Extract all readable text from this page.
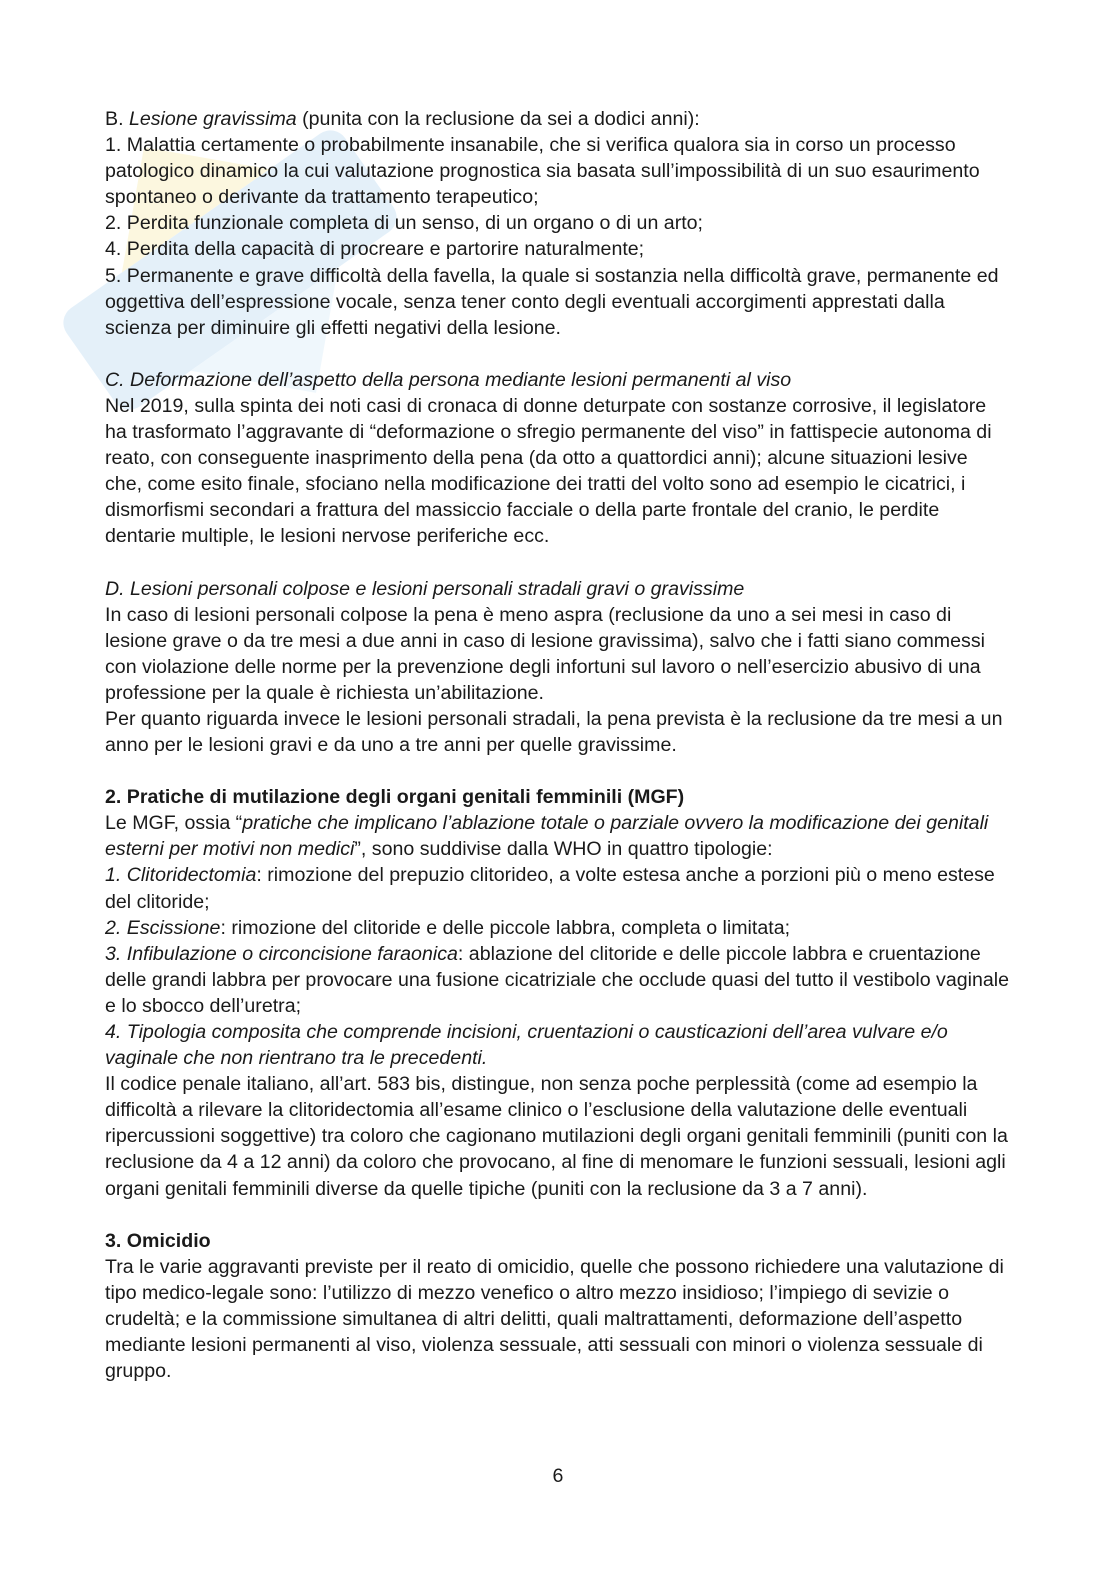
B. Lesione gravissima (punita con la reclusione da sei a dodici anni):

1. Malattia certamente o probabilmente insanabile, che si verifica qualora sia in corso un processo patologico dinamico la cui valutazione prognostica sia basata sull’impossibilità di un suo esaurimento spontaneo o derivante da trattamento terapeutico;

2. Perdita funzionale completa di un senso, di un organo o di un arto;

4. Perdita della capacità di procreare e partorire naturalmente;

5. Permanente e grave difficoltà della favella, la quale si sostanzia nella difficoltà grave, permanente ed oggettiva dell’espressione vocale, senza tener conto degli eventuali accorgimenti apprestati dalla scienza per diminuire gli effetti negativi della lesione.

C. Deformazione dell’aspetto della persona mediante lesioni permanenti al viso

Nel 2019, sulla spinta dei noti casi di cronaca di donne deturpate con sostanze corrosive, il legislatore ha trasformato l’aggravante di “deformazione o sfregio permanente del viso” in fattispecie autonoma di reato, con conseguente inasprimento della pena (da otto a quattordici anni); alcune situazioni lesive che, come esito finale, sfociano nella modificazione dei tratti del volto sono ad esempio le cicatrici, i dismorfismi secondari a frattura del massiccio facciale o della parte frontale del cranio, le perdite dentarie multiple, le lesioni nervose periferiche ecc.

D. Lesioni personali colpose e lesioni personali stradali gravi o gravissime

In caso di lesioni personali colpose la pena è meno aspra (reclusione da uno a sei mesi in caso di lesione grave o da tre mesi a due anni in caso di lesione gravissima), salvo che i fatti siano commessi con violazione delle norme per la prevenzione degli infortuni sul lavoro o nell’esercizio abusivo di una professione per la quale è richiesta un’abilitazione.

Per quanto riguarda invece le lesioni personali stradali, la pena prevista è la reclusione da tre mesi a un anno per le lesioni gravi e da uno a tre anni per quelle gravissime.

2. Pratiche di mutilazione degli organi genitali femminili (MGF)

Le MGF, ossia “pratiche che implicano l’ablazione totale o parziale ovvero la modificazione dei genitali esterni per motivi non medici”, sono suddivise dalla WHO in quattro tipologie:

1. Clitoridectomia: rimozione del prepuzio clitorideo, a volte estesa anche a porzioni più o meno estese del clitoride;

2. Escissione: rimozione del clitoride e delle piccole labbra, completa o limitata;

3. Infibulazione o circoncisione faraonica: ablazione del clitoride e delle piccole labbra e cruentazione delle grandi labbra per provocare una fusione cicatriziale che occlude quasi del tutto il vestibolo vaginale e lo sbocco dell’uretra;

4. Tipologia composita che comprende incisioni, cruentazioni o causticazioni dell’area vulvare e/o vaginale che non rientrano tra le precedenti.

Il codice penale italiano, all’art. 583 bis, distingue, non senza poche perplessità (come ad esempio la difficoltà a rilevare la clitoridectomia all’esame clinico o l’esclusione della valutazione delle eventuali ripercussioni soggettive) tra coloro che cagionano mutilazioni degli organi genitali femminili (puniti con la reclusione da 4 a 12 anni) da coloro che provocano, al fine di menomare le funzioni sessuali, lesioni agli organi genitali femminili diverse da quelle tipiche (puniti con la reclusione da 3 a 7 anni).

3. Omicidio

Tra le varie aggravanti previste per il reato di omicidio, quelle che possono richiedere una valutazione di tipo medico-legale sono: l’utilizzo di mezzo venefico o altro mezzo insidioso; l’impiego di sevizie o crudeltà; e la commissione simultanea di altri delitti, quali maltrattamenti, deformazione dell’aspetto mediante lesioni permanenti al viso, violenza sessuale, atti sessuali con minori o violenza sessuale di gruppo.

6
